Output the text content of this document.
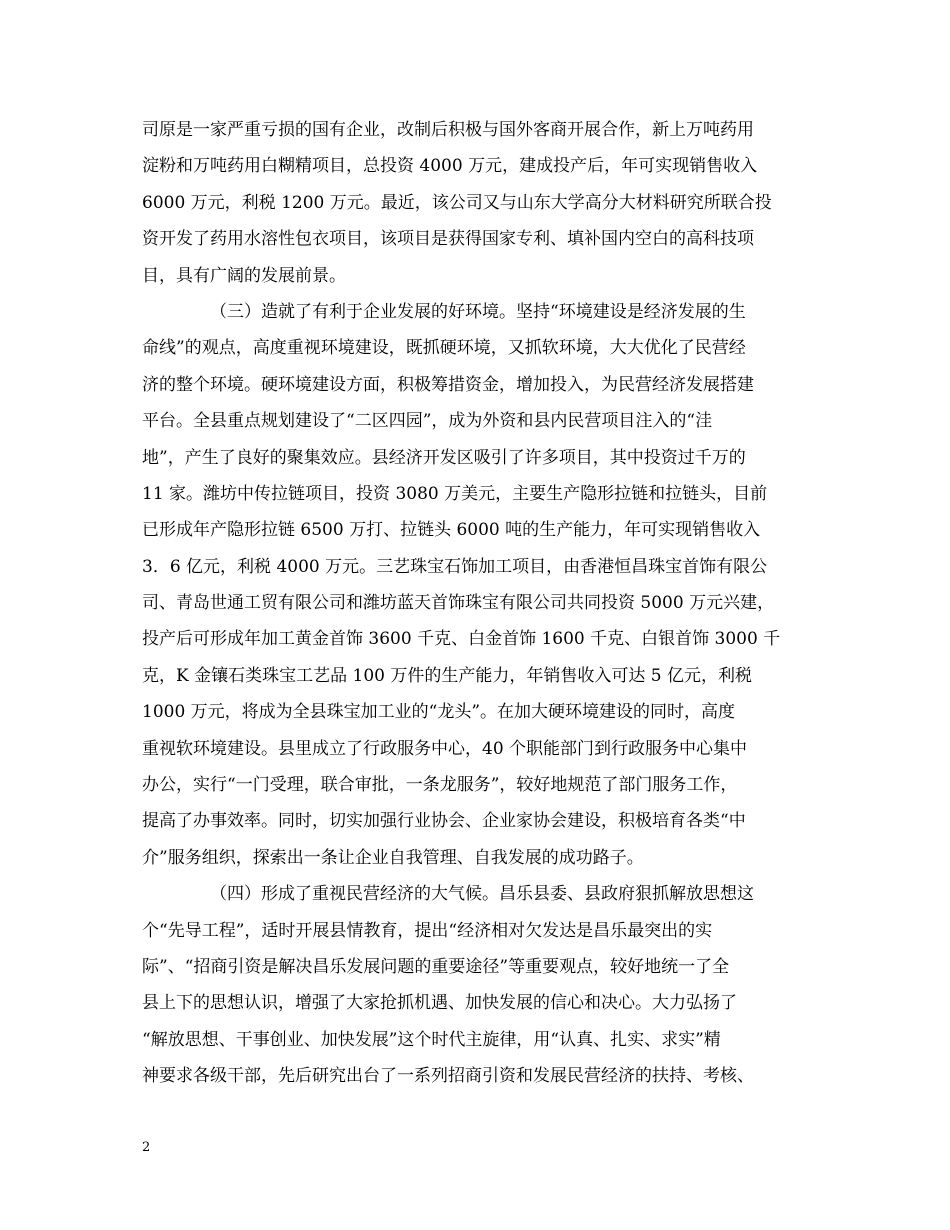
司原是一家严重亏损的国有企业，改制后积极与国外客商开展合作，新上万吨药用
淀粉和万吨药用白糊精项目，总投资 4000 万元，建成投产后，年可实现销售收入
6000 万元，利税 1200 万元。最近，该公司又与山东大学高分大材料研究所联合投
资开发了药用水溶性包衣项目，该项目是获得国家专利、填补国内空白的高科技项
目，具有广阔的发展前景。
（三）造就了有利于企业发展的好环境。坚持“环境建设是经济发展的生
命线”的观点，高度重视环境建设，既抓硬环境，又抓软环境，大大优化了民营经
济的整个环境。硬环境建设方面，积极筹措资金，增加投入，为民营经济发展搭建
平台。全县重点规划建设了“二区四园”，成为外资和县内民营项目注入的“洼
地”，产生了良好的聚集效应。县经济开发区吸引了许多项目，其中投资过千万的
11 家。潍坊中传拉链项目，投资 3080 万美元，主要生产隐形拉链和拉链头，目前
已形成年产隐形拉链 6500 万打、拉链头 6000 吨的生产能力，年可实现销售收入
3．6 亿元，利税 4000 万元。三艺珠宝石饰加工项目，由香港恒昌珠宝首饰有限公
司、青岛世通工贸有限公司和潍坊蓝天首饰珠宝有限公司共同投资 5000 万元兴建，
投产后可形成年加工黄金首饰 3600 千克、白金首饰 1600 千克、白银首饰 3000 千
克，K 金镶石类珠宝工艺品 100 万件的生产能力，年销售收入可达 5 亿元，利税
1000 万元，将成为全县珠宝加工业的“龙头”。在加大硬环境建设的同时，高度
重视软环境建设。县里成立了行政服务中心，40 个职能部门到行政服务中心集中
办公，实行“一门受理，联合审批，一条龙服务”，较好地规范了部门服务工作，
提高了办事效率。同时，切实加强行业协会、企业家协会建设，积极培育各类“中
介”服务组织，探索出一条让企业自我管理、自我发展的成功路子。
（四）形成了重视民营经济的大气候。昌乐县委、县政府狠抓解放思想这
个“先导工程”，适时开展县情教育，提出“经济相对欠发达是昌乐最突出的实
际”、“招商引资是解决昌乐发展问题的重要途径”等重要观点，较好地统一了全
县上下的思想认识，增强了大家抢抓机遇、加快发展的信心和决心。大力弘扬了
“解放思想、干事创业、加快发展”这个时代主旋律，用“认真、扎实、求实”精
神要求各级干部，先后研究出台了一系列招商引资和发展民营经济的扶持、考核、
2
